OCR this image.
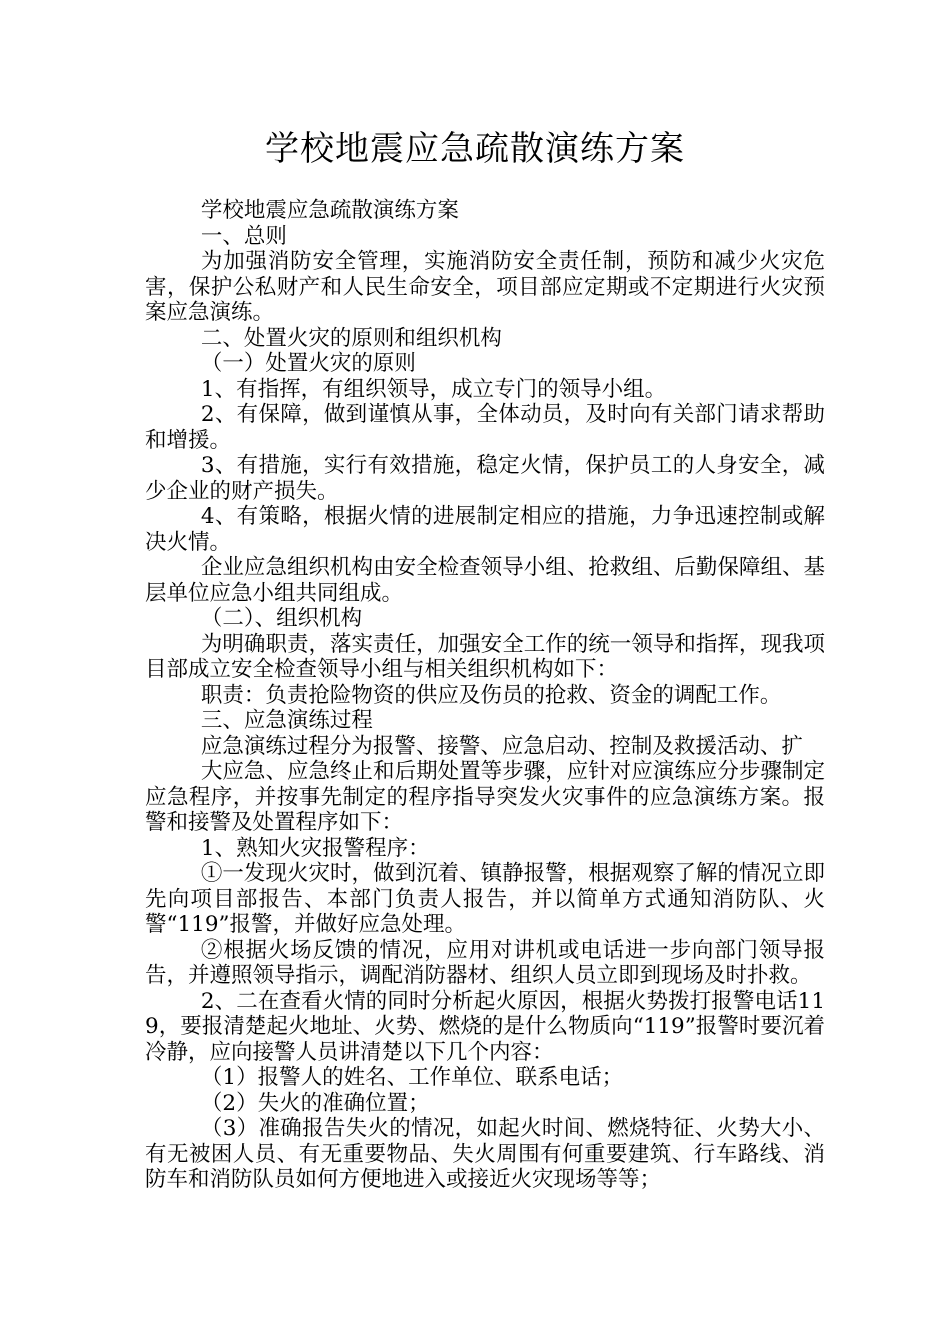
学校地震应急疏散演练方案

学校地震应急疏散演练方案

一、总则

为加强消防安全管理，实施消防安全责任制，预防和减少火灾危害，保护公私财产和人民生命安全，项目部应定期或不定期进行火灾预案应急演练。

二、处置火灾的原则和组织机构

（一）处置火灾的原则

1、有指挥，有组织领导，成立专门的领导小组。

2、有保障，做到谨慎从事，全体动员，及时向有关部门请求帮助和增援。

3、有措施，实行有效措施，稳定火情，保护员工的人身安全，减少企业的财产损失。

4、有策略，根据火情的进展制定相应的措施，力争迅速控制或解决火情。

企业应急组织机构由安全检查领导小组、抢救组、后勤保障组、基层单位应急小组共同组成。

（二）、组织机构

为明确职责，落实责任，加强安全工作的统一领导和指挥，现我项目部成立安全检查领导小组与相关组织机构如下：

职责：负责抢险物资的供应及伤员的抢救、资金的调配工作。

三、应急演练过程

应急演练过程分为报警、接警、应急启动、控制及救援活动、扩

大应急、应急终止和后期处置等步骤，应针对应演练应分步骤制定应急程序，并按事先制定的程序指导突发火灾事件的应急演练方案。报警和接警及处置程序如下：

1、熟知火灾报警程序：

①一发现火灾时，做到沉着、镇静报警，根据观察了解的情况立即先向项目部报告、本部门负责人报告，并以简单方式通知消防队、火警“119”报警，并做好应急处理。

②根据火场反馈的情况，应用对讲机或电话进一步向部门领导报告，并遵照领导指示，调配消防器材、组织人员立即到现场及时扑救。

2、二在查看火情的同时分析起火原因，根据火势拨打报警电话119，要报清楚起火地址、火势、燃烧的是什么物质向“119”报警时要沉着冷静，应向接警人员讲清楚以下几个内容：

（1）报警人的姓名、工作单位、联系电话；

（2）失火的准确位置；

（3）准确报告失火的情况，如起火时间、燃烧特征、火势大小、有无被困人员、有无重要物品、失火周围有何重要建筑、行车路线、消防车和消防队员如何方便地进入或接近火灾现场等等；
